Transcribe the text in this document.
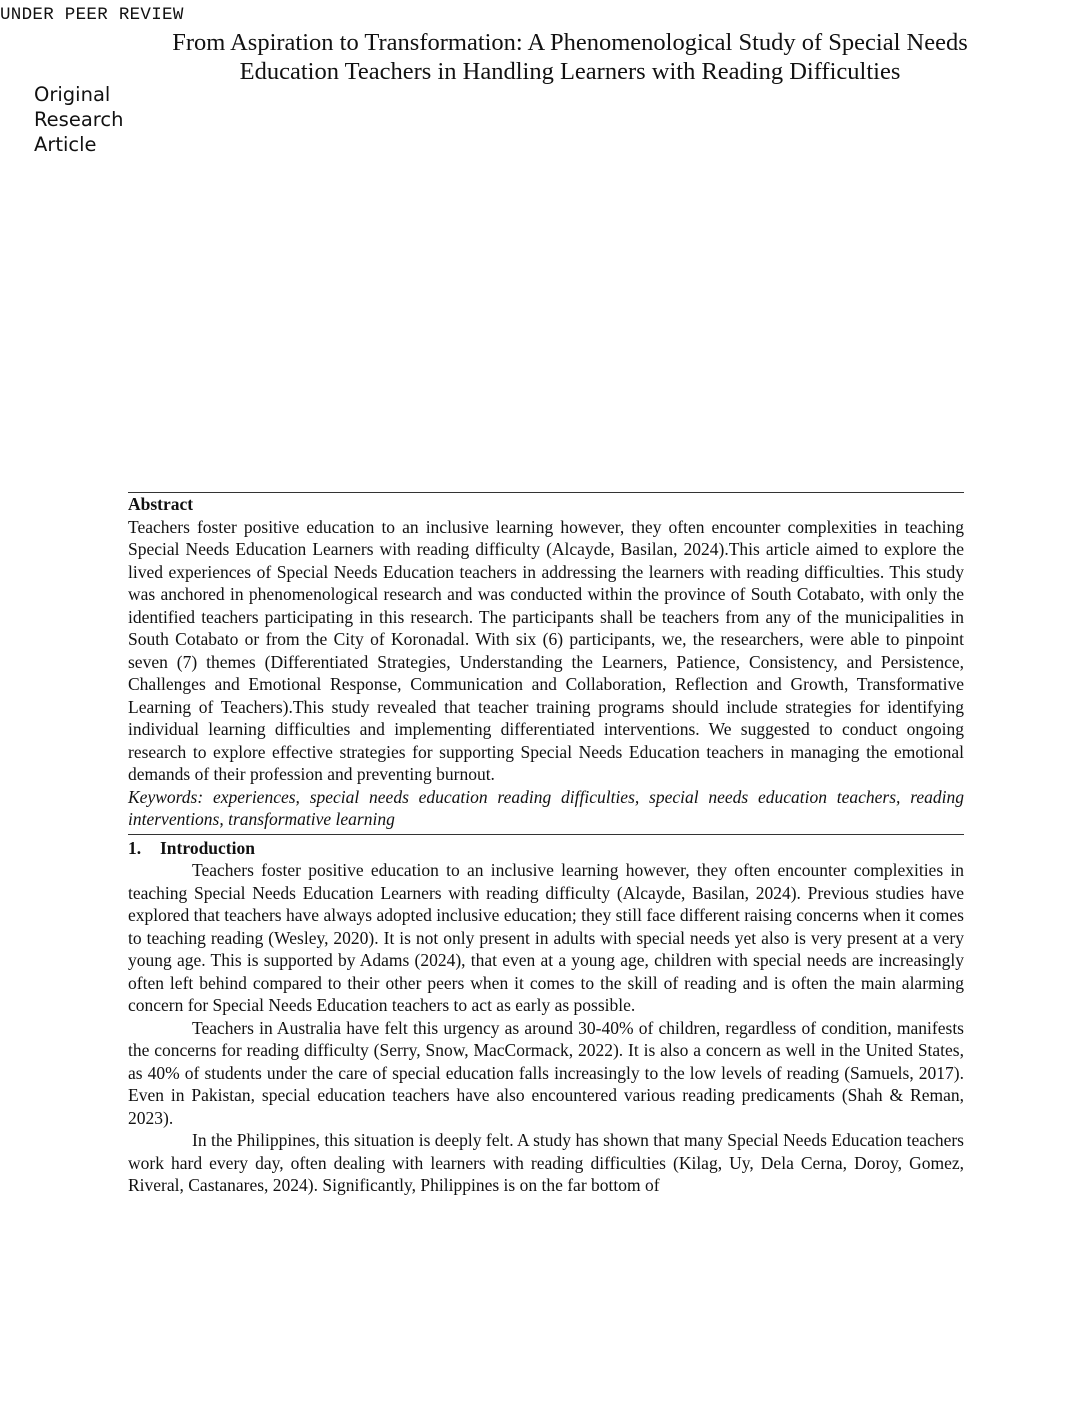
UNDER PEER REVIEW
From Aspiration to Transformation: A Phenomenological Study of Special Needs
Education Teachers in Handling Learners with Reading Difficulties
Original
Research
Article
Abstract

Teachers foster positive education to an inclusive learning however, they often encounter complexities in teaching Special Needs Education Learners with reading difficulty (Alcayde, Basilan, 2024).This article aimed to explore the lived experiences of Special Needs Education teachers in addressing the learners with reading difficulties. This study was anchored in phenomenological research and was conducted within the province of South Cotabato, with only the identified teachers participating in this research. The participants shall be teachers from any of the municipalities in South Cotabato or from the City of Koronadal. With six (6) participants, we, the researchers, were able to pinpoint seven (7) themes (Differentiated Strategies, Understanding the Learners, Patience, Consistency, and Persistence, Challenges and Emotional Response, Communication and Collaboration, Reflection and Growth, Transformative Learning of Teachers).This study revealed that teacher training programs should include strategies for identifying individual learning difficulties and implementing differentiated interventions. We suggested to conduct ongoing research to explore effective strategies for supporting Special Needs Education teachers in managing the emotional demands of their profession and preventing burnout.

Keywords: experiences, special needs education reading difficulties, special needs education teachers, reading interventions, transformative learning

1. Introduction

Teachers foster positive education to an inclusive learning however, they often encounter complexities in teaching Special Needs Education Learners with reading difficulty (Alcayde, Basilan, 2024). Previous studies have explored that teachers have always adopted inclusive education; they still face different raising concerns when it comes to teaching reading (Wesley, 2020). It is not only present in adults with special needs yet also is very present at a very young age. This is supported by Adams (2024), that even at a young age, children with special needs are increasingly often left behind compared to their other peers when it comes to the skill of reading and is often the main alarming concern for Special Needs Education teachers to act as early as possible.

Teachers in Australia have felt this urgency as around 30-40% of children, regardless of condition, manifests the concerns for reading difficulty (Serry, Snow, MacCormack, 2022). It is also a concern as well in the United States, as 40% of students under the care of special education falls increasingly to the low levels of reading (Samuels, 2017). Even in Pakistan, special education teachers have also encountered various reading predicaments (Shah & Reman, 2023).

In the Philippines, this situation is deeply felt. A study has shown that many Special Needs Education teachers work hard every day, often dealing with learners with reading difficulties (Kilag, Uy, Dela Cerna, Doroy, Gomez, Riveral, Castanares, 2024). Significantly, Philippines is on the far bottom of
